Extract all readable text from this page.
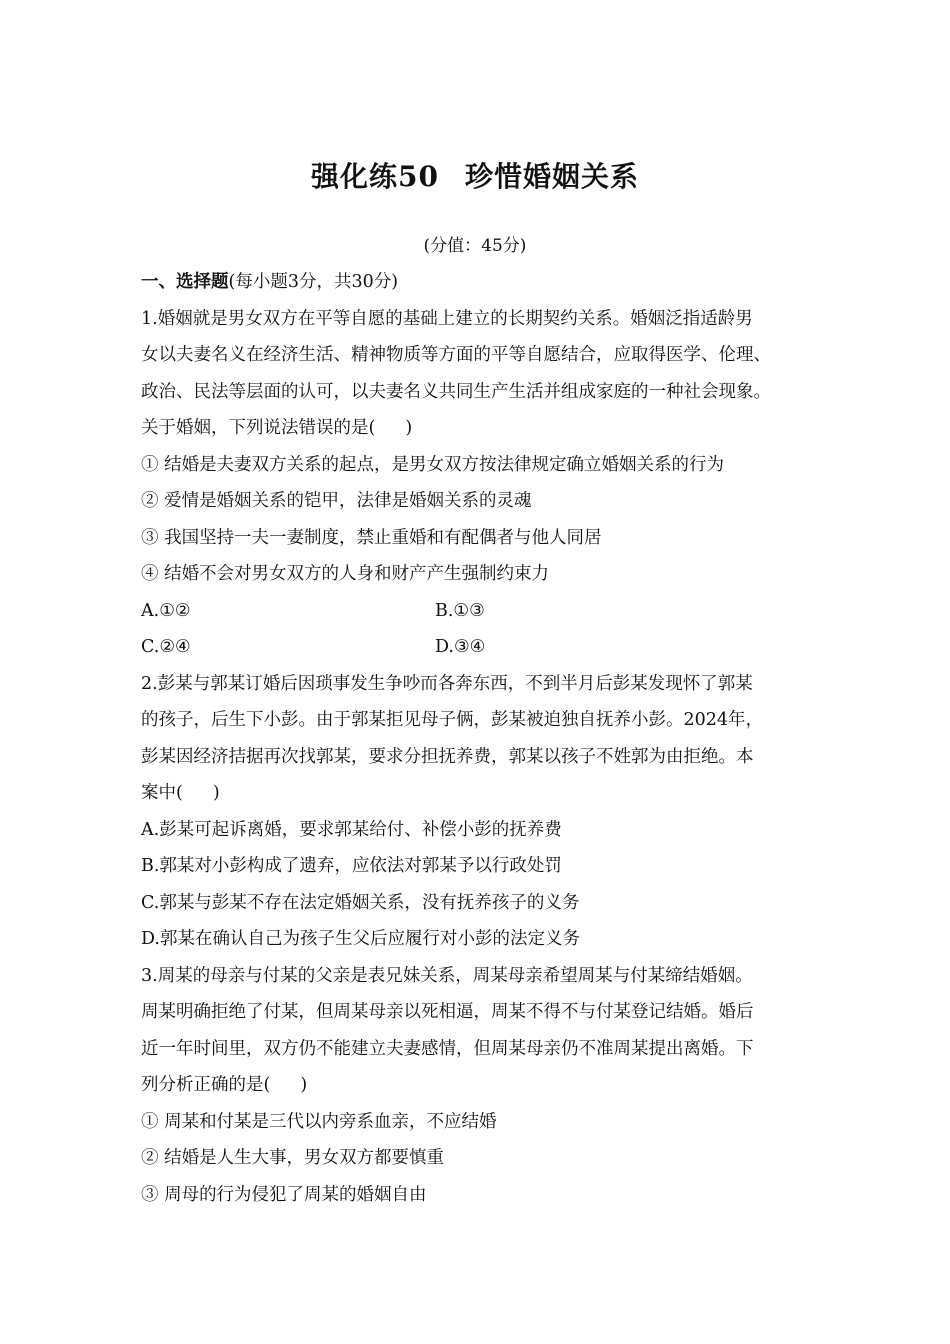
强化练50 珍惜婚姻关系
(分值：45分)
一、选择题(每小题3分，共30分)
1.婚姻就是男女双方在平等自愿的基础上建立的长期契约关系。婚姻泛指适龄男
女以夫妻名义在经济生活、精神物质等方面的平等自愿结合，应取得医学、伦理、
政治、民法等层面的认可，以夫妻名义共同生产生活并组成家庭的一种社会现象。
关于婚姻，下列说法错误的是( )
① 结婚是夫妻双方关系的起点，是男女双方按法律规定确立婚姻关系的行为
② 爱情是婚姻关系的铠甲，法律是婚姻关系的灵魂
③ 我国坚持一夫一妻制度，禁止重婚和有配偶者与他人同居
④ 结婚不会对男女双方的人身和财产产生强制约束力
A.①②	B.①③
C.②④	D.③④
2.彭某与郭某订婚后因琐事发生争吵而各奔东西，不到半月后彭某发现怀了郭某
的孩子，后生下小彭。由于郭某拒见母子俩，彭某被迫独自抚养小彭。2024年，
彭某因经济拮据再次找郭某，要求分担抚养费，郭某以孩子不姓郭为由拒绝。本
案中( )
A.彭某可起诉离婚，要求郭某给付、补偿小彭的抚养费
B.郭某对小彭构成了遗弃，应依法对郭某予以行政处罚
C.郭某与彭某不存在法定婚姻关系，没有抚养孩子的义务
D.郭某在确认自己为孩子生父后应履行对小彭的法定义务
3.周某的母亲与付某的父亲是表兄妹关系，周某母亲希望周某与付某缔结婚姻。
周某明确拒绝了付某，但周某母亲以死相逼，周某不得不与付某登记结婚。婚后
近一年时间里，双方仍不能建立夫妻感情，但周某母亲仍不准周某提出离婚。下
列分析正确的是( )
① 周某和付某是三代以内旁系血亲，不应结婚
② 结婚是人生大事，男女双方都要慎重
③ 周母的行为侵犯了周某的婚姻自由
